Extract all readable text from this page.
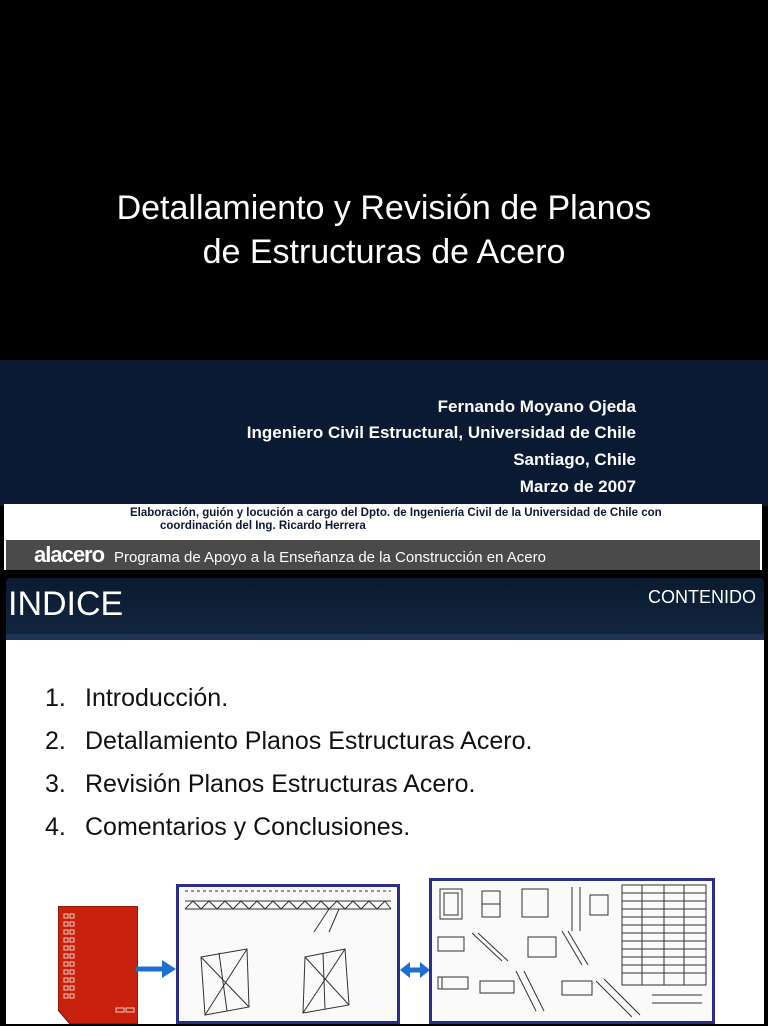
Detallamiento y Revisión de Planos
de Estructuras de Acero
Fernando Moyano Ojeda
Ingeniero Civil Estructural, Universidad de Chile
Santiago, Chile
Marzo de 2007
Elaboración, guión y locución a cargo del Dpto. de Ingeniería Civil de la Universidad de Chile con
coordinación del Ing. Ricardo Herrera
alacero Programa de Apoyo a la Enseñanza de la Construcción en Acero
INDICE	CONTENIDO
1. Introducción.
2. Detallamiento Planos Estructuras Acero.
3. Revisión Planos Estructuras Acero.
4. Comentarios y Conclusiones.
